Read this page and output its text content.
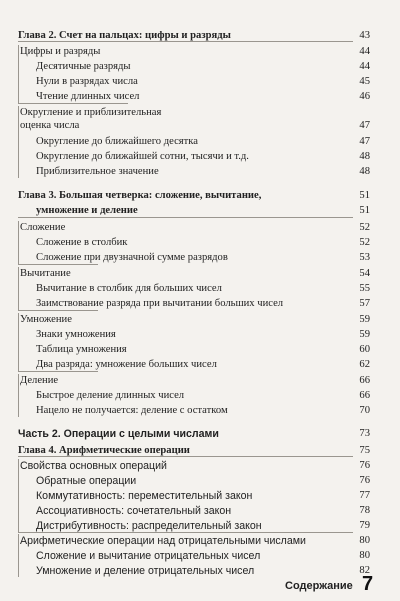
Глава 2. Счет на пальцах: цифры и разряды	43
Цифры и разряды	44
Десятичные разряды	44
Нули в разрядах числа	45
Чтение длинных чисел	46
Округление и приблизительная
оценка числа	47
Округление до ближайшего десятка	47
Округление до ближайшей сотни, тысячи и т.д.	48
Приблизительное значение	48
Глава 3. Большая четверка: сложение, вычитание,	51
умножение и деление	51
Сложение	52
Сложение в столбик	52
Сложение при двузначной сумме разрядов	53
Вычитание	54
Вычитание в столбик для больших чисел	55
Заимствование разряда при вычитании больших чисел	57
Умножение	59
Знаки умножения	59
Таблица умножения	60
Два разряда: умножение больших чисел	62
Деление	66
Быстрое деление длинных чисел	66
Нацело не получается: деление с остатком	70
Часть 2. Операции с целыми числами	73
Глава 4. Арифметические операции	75
Свойства основных операций	76
Обратные операции	76
Коммутативность: переместительный закон	77
Ассоциативность: сочетательный закон	78
Дистрибутивность: распределительный закон	79
Арифметические операции над отрицательными числами	80
Сложение и вычитание отрицательных чисел	80
Умножение и деление отрицательных чисел	82
Содержание 7
